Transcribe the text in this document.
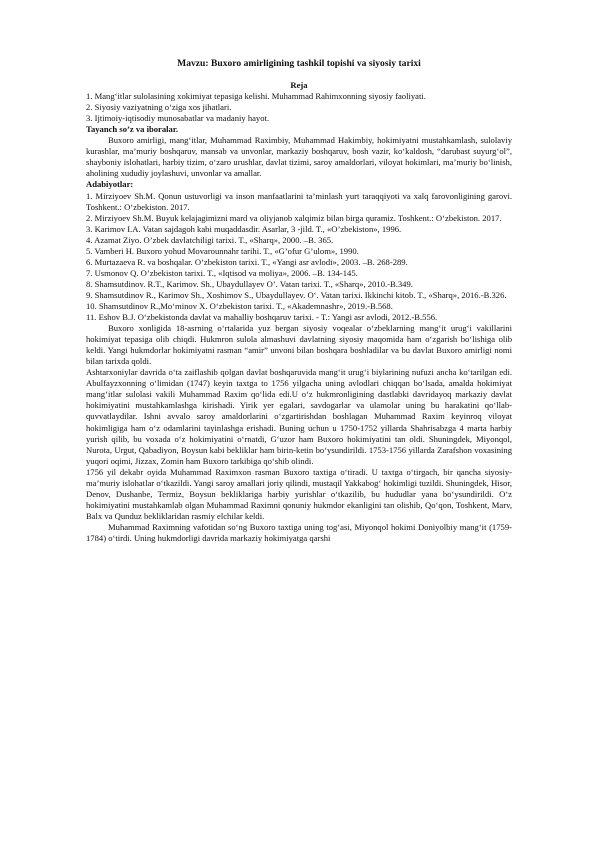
Mavzu: Buxoro amirligining tashkil topishi va siyosiy tarixi

Reja

1. Mang‘itlar sulolasining xokimiyat tepasiga kelishi. Muhammad Rahimxonning siyosiy faoliyati.
2. Siyosiy vaziyatning o‘ziga xos jihatlari.
3. Ijtimoiy-iqtisodiy munosabatlar va madaniy hayot.

Tayanch so’z va iboralar.

Buxoro amirligi, mang‘itlar, Muhammad Raximbiy, Muhammad Hakimbiy, hokimiyatni mustahkamlash, sulolaviy kurashlar, ma’muriy boshqaruv, mansab va unvonlar, markaziy boshqaruv, bosh vazir, ko‘kaldosh, “darubast suyurg‘ol”, shayboniy islohatlari, harbiy tizim, o‘zaro urushlar, davlat tizimi, saroy amaldorlari, viloyat hokimlari, ma’muriy bo‘linish, aholining xududiy joylashuvi, unvonlar va amallar.

Adabiyotlar:

1. Mirziyoev Sh.M. Qonun ustuvorligi va inson manfaatlarini ta’minlash yurt taraqqiyoti va xalq farovonligining garovi. Toshkent.: O‘zbekiston. 2017.
2. Mirziyoev Sh.M. Buyuk kelajagimizni mard va oliyjanob xalqimiz bilan birga quramiz. Toshkent.: O‘zbekiston. 2017.
3. Karimov I.A. Vatan sajdagoh kabi muqaddasdir. Asarlar, 3 -jild. T., «O’zbekiston», 1996.
4. Azamat Ziyo. O’zbek davlatchiligi tarixi. T., «Sharq», 2000. –B. 365.
5. Vamberi H. Buxoro yohud Movarounnahr tarihi. T., «G’ofur G’ulom», 1990.
6. Murtazaeva R. va boshqalar. O’zbekiston tarixi. T., «Yangi asr avlodi», 2003. –B. 268-289.
7. Usmonov Q. O’zbekiston tarixi. T., «Iqtisod va moliya», 2006. –B. 134-145.
8. Shamsutdinov. R.T., Karimov. Sh., Ubaydullayev O’. Vatan tarixi. T., «Sharq», 2010.-B.349.
9. Shamsutdinov R., Karimov Sh., Xoshimov S., Ubaydullayev. O‘. Vatan tarixi. Ikkinchi kitob. T., «Sharq», 2016.-B.326.
10. Shamsutdinov R.,Mo‘minov X. O‘zbekiston tarixi. T., «Akademnashr», 2019.-B.568.
11. Eshov B.J. O‘zbekistonda davlat va mahalliy boshqaruv tarixi. - T.: Yangi asr avlodi, 2012.-B.556.

Buxoro xonligida 18-asrning o‘rtalarida yuz bergan siyosiy voqealar o‘zbeklarning mang‘it urug‘i vakillarini hokimiyat tepasiga olib chiqdi. Hukmron sulola almashuvi davlatning siyosiy maqomida ham o‘zgarish bo‘lishiga olib keldi. Yangi hukmdorlar hokimiyatni rasman “amir” unvoni bilan boshqara boshladilar va bu davlat Buxoro amirligi nomi bilan tarixda qoldi.

Ashtarxoniylar davrida o‘ta zaiflashib qolgan davlat boshqaruvida mang‘it urug‘i biylarining nufuzi ancha ko‘tarilgan edi. Abulfayzxonning o‘limidan (1747) keyin taxtga to 1756 yilgacha uning avlodlari chiqqan bo‘lsada, amalda hokimiyat mang‘itlar sulolasi vakili Muhammad Raxim qo‘lida edi.U o‘z hukmronligining dastlabki davridayoq markaziy davlat hokimiyatini mustahkamlashga kirishadi. Yirik yer egalari, savdogarlar va ulamolar uning bu harakatini qo‘llab-quvvatlaydilar. Ishni avvalo saroy amaldorlarini o‘zgartirishdan boshlagan Muhammad Raxim keyinroq viloyat hokimligiga ham o‘z odamlarini tayinlashga erishadi. Buning uchun u 1750-1752 yillarda Shahrisabzga 4 marta harbiy yurish qilib, bu voxada o‘z hokimiyatini o‘rnatdi, G‘uzor ham Buxoro hokimiyatini tan oldi. Shuningdek, Miyonqol, Nurota, Urgut, Qabadiyon, Boysun kabi bekliklar ham birin-ketin bo‘ysundirildi. 1753-1756 yillarda Zarafshon voxasining yuqori oqimi, Jizzax, Zomin ham Buxoro tarkibiga qo‘shib olindi.

1756 yil dekabr oyida Muhammad Raximxon rasman Buxoro taxtiga o‘tiradi. U taxtga o‘tirgach, bir qancha siyosiy-ma’muriy islohatlar o‘tkazildi. Yangi saroy amallari joriy qilindi, mustaqil Yakkabog‘ hokimligi tuzildi. Shuningdek, Hisor, Denov, Dushanbe, Termiz, Boysun bekliklariga harbiy yurishlar o‘tkazilib, bu hududlar yana bo‘ysundirildi. O‘z hokimiyatini mustahkamlab olgan Muhammad Raximni qonuniy hukmdor ekanligini tan olishib, Qo‘qon, Toshkent, Marv, Balx va Qunduz bekliklaridan rasmiy elchilar keldi.

Muhammad Raximning vafotidan so‘ng Buxoro taxtiga uning tog‘asi, Miyonqol hokimi Doniyolbiy mang‘it (1759-1784) o‘tirdi. Uning hukmdorligi davrida markaziy hokimiyatga qarshi
